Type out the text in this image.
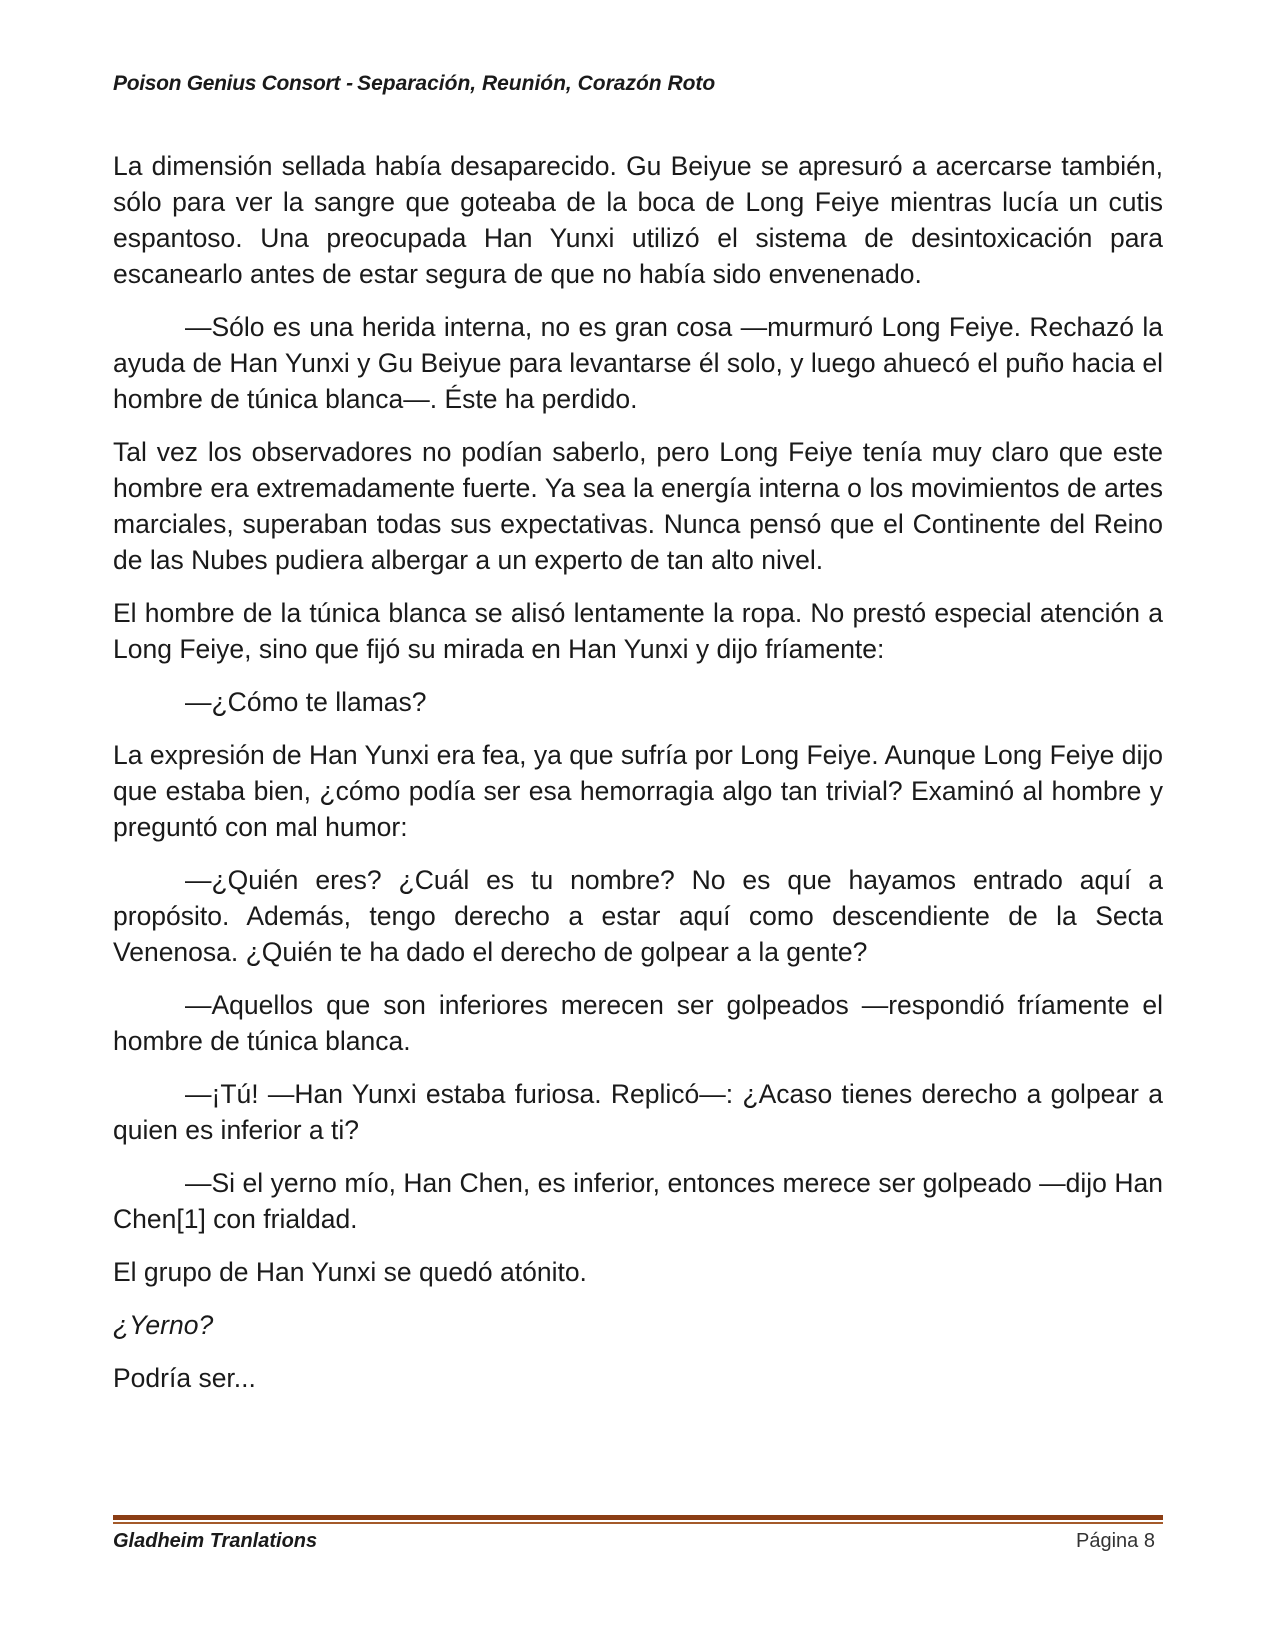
Poison Genius Consort - Separación, Reunión, Corazón Roto

La dimensión sellada había desaparecido. Gu Beiyue se apresuró a acercarse también, sólo para ver la sangre que goteaba de la boca de Long Feiye mientras lucía un cutis espantoso. Una preocupada Han Yunxi utilizó el sistema de desintoxicación para escanearlo antes de estar segura de que no había sido envenenado.

—Sólo es una herida interna, no es gran cosa —murmuró Long Feiye. Rechazó la ayuda de Han Yunxi y Gu Beiyue para levantarse él solo, y luego ahuecó el puño hacia el hombre de túnica blanca—. Éste ha perdido.

Tal vez los observadores no podían saberlo, pero Long Feiye tenía muy claro que este hombre era extremadamente fuerte. Ya sea la energía interna o los movimientos de artes marciales, superaban todas sus expectativas. Nunca pensó que el Continente del Reino de las Nubes pudiera albergar a un experto de tan alto nivel.

El hombre de la túnica blanca se alisó lentamente la ropa. No prestó especial atención a Long Feiye, sino que fijó su mirada en Han Yunxi y dijo fríamente:

—¿Cómo te llamas?

La expresión de Han Yunxi era fea, ya que sufría por Long Feiye. Aunque Long Feiye dijo que estaba bien, ¿cómo podía ser esa hemorragia algo tan trivial? Examinó al hombre y preguntó con mal humor:

—¿Quién eres? ¿Cuál es tu nombre? No es que hayamos entrado aquí a propósito. Además, tengo derecho a estar aquí como descendiente de la Secta Venenosa. ¿Quién te ha dado el derecho de golpear a la gente?

—Aquellos que son inferiores merecen ser golpeados —respondió fríamente el hombre de túnica blanca.

—¡Tú! —Han Yunxi estaba furiosa. Replicó—: ¿Acaso tienes derecho a golpear a quien es inferior a ti?

—Si el yerno mío, Han Chen, es inferior, entonces merece ser golpeado —dijo Han Chen[1] con frialdad.

El grupo de Han Yunxi se quedó atónito.

¿Yerno?

Podría ser...

Gladheim Tranlations	Página 8
